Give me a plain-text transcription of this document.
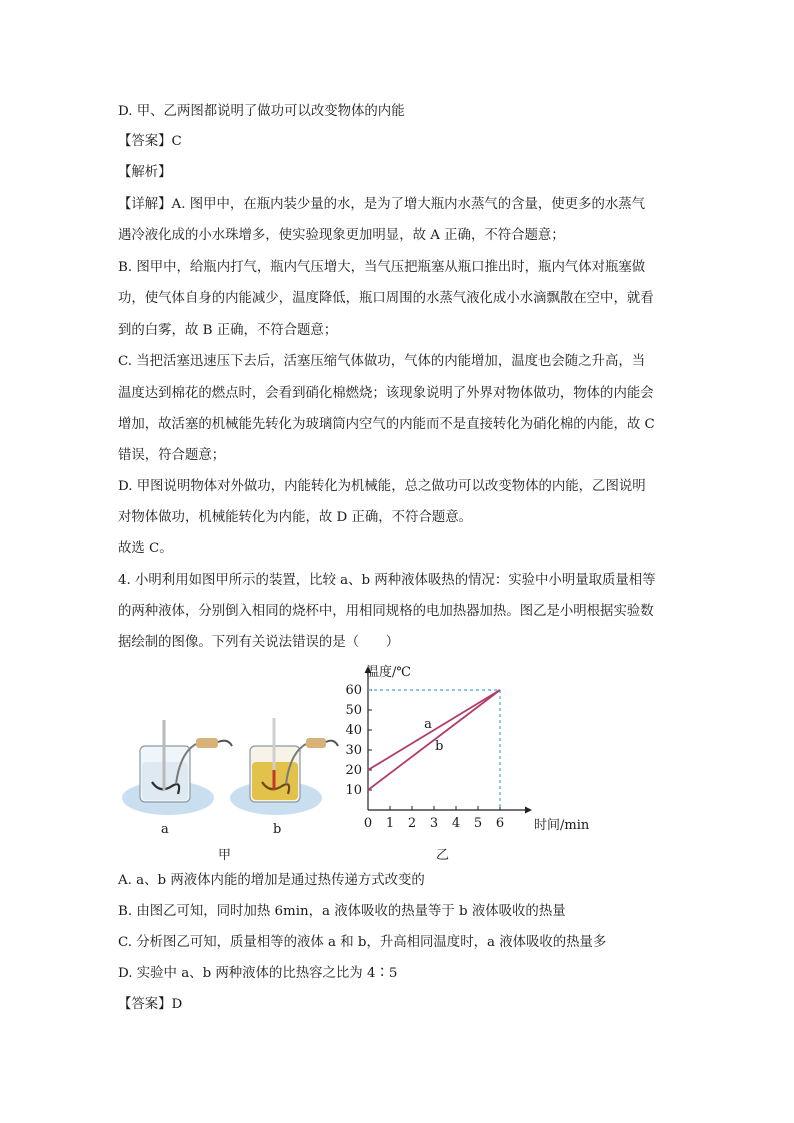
D. 甲、乙两图都说明了做功可以改变物体的内能
【答案】C
【解析】
【详解】A. 图甲中，在瓶内装少量的水，是为了增大瓶内水蒸气的含量，使更多的水蒸气
遇冷液化成的小水珠增多，使实验现象更加明显，故 A 正确，不符合题意；
B. 图甲中，给瓶内打气，瓶内气压增大，当气压把瓶塞从瓶口推出时，瓶内气体对瓶塞做
功，使气体自身的内能减少，温度降低，瓶口周围的水蒸气液化成小水滴飘散在空中，就看
到的白雾，故 B 正确，不符合题意；
C. 当把活塞迅速压下去后，活塞压缩气体做功，气体的内能增加，温度也会随之升高，当
温度达到棉花的燃点时，会看到硝化棉燃烧；该现象说明了外界对物体做功，物体的内能会
增加，故活塞的机械能先转化为玻璃筒内空气的内能而不是直接转化为硝化棉的内能，故 C
错误，符合题意；
D. 甲图说明物体对外做功，内能转化为机械能，总之做功可以改变物体的内能，乙图说明
对物体做功，机械能转化为内能，故 D 正确，不符合题意。
故选 C。
4. 小明利用如图甲所示的装置，比较 a、b 两种液体吸热的情况：实验中小明量取质量相等
的两种液体，分别倒入相同的烧杯中，用相同规格的电加热器加热。图乙是小明根据实验数
据绘制的图像。下列有关说法错误的是（　　）
a	b
甲
0 1 2 3 4 5 6
10
20
30
40
50
60
a
b
温度/℃
时间/min
乙
A. a、b 两液体内能的增加是通过热传递方式改变的
B. 由图乙可知，同时加热 6min，a 液体吸收的热量等于 b 液体吸收的热量
C. 分析图乙可知，质量相等的液体 a 和 b，升高相同温度时，a 液体吸收的热量多
D. 实验中 a、b 两种液体的比热容之比为 4∶5
【答案】D
